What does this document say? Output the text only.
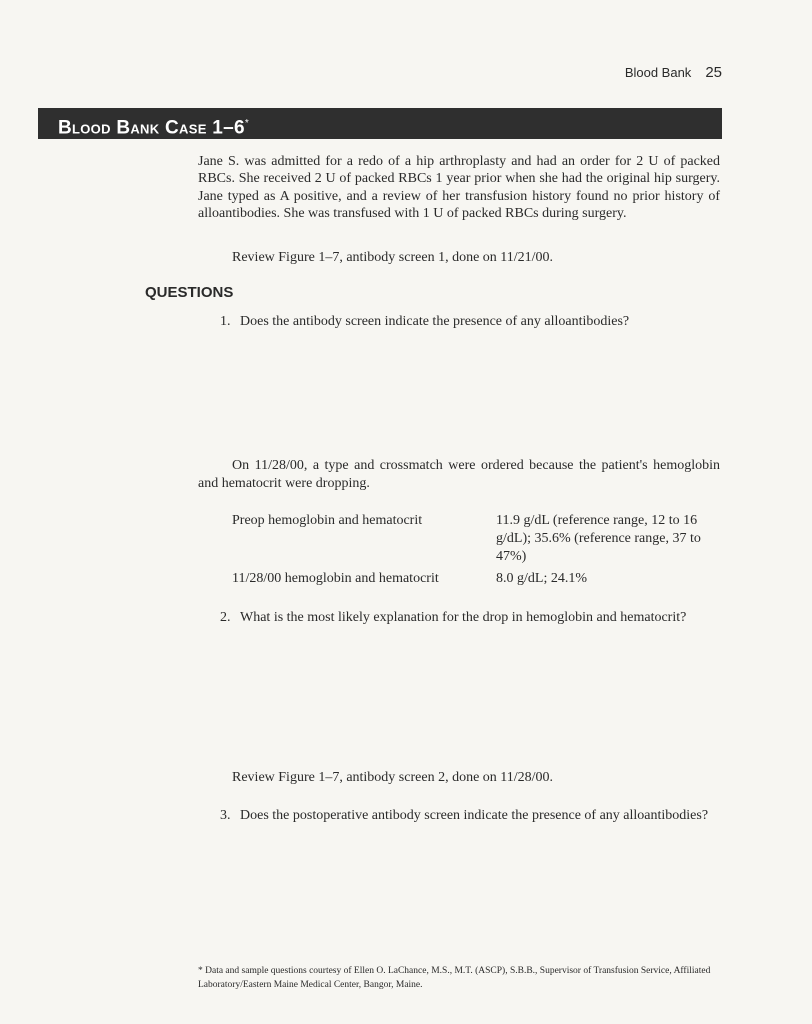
Blood Bank 25
Blood Bank Case 1–6*
Jane S. was admitted for a redo of a hip arthroplasty and had an order for 2 U of packed RBCs. She received 2 U of packed RBCs 1 year prior when she had the original hip surgery. Jane typed as A positive, and a review of her transfusion history found no prior history of alloantibodies. She was transfused with 1 U of packed RBCs during surgery.
Review Figure 1–7, antibody screen 1, done on 11/21/00.
QUESTIONS
1. Does the antibody screen indicate the presence of any alloantibodies?
On 11/28/00, a type and crossmatch were ordered because the patient's hemoglobin and hematocrit were dropping.
Preop hemoglobin and hematocrit	11.9 g/dL (reference range, 12 to 16 g/dL); 35.6% (reference range, 37 to 47%)
11/28/00 hemoglobin and hematocrit	8.0 g/dL; 24.1%
2. What is the most likely explanation for the drop in hemoglobin and hematocrit?
Review Figure 1–7, antibody screen 2, done on 11/28/00.
3. Does the postoperative antibody screen indicate the presence of any alloantibodies?
* Data and sample questions courtesy of Ellen O. LaChance, M.S., M.T. (ASCP), S.B.B., Supervisor of Transfusion Service, Affiliated Laboratory/Eastern Maine Medical Center, Bangor, Maine.
